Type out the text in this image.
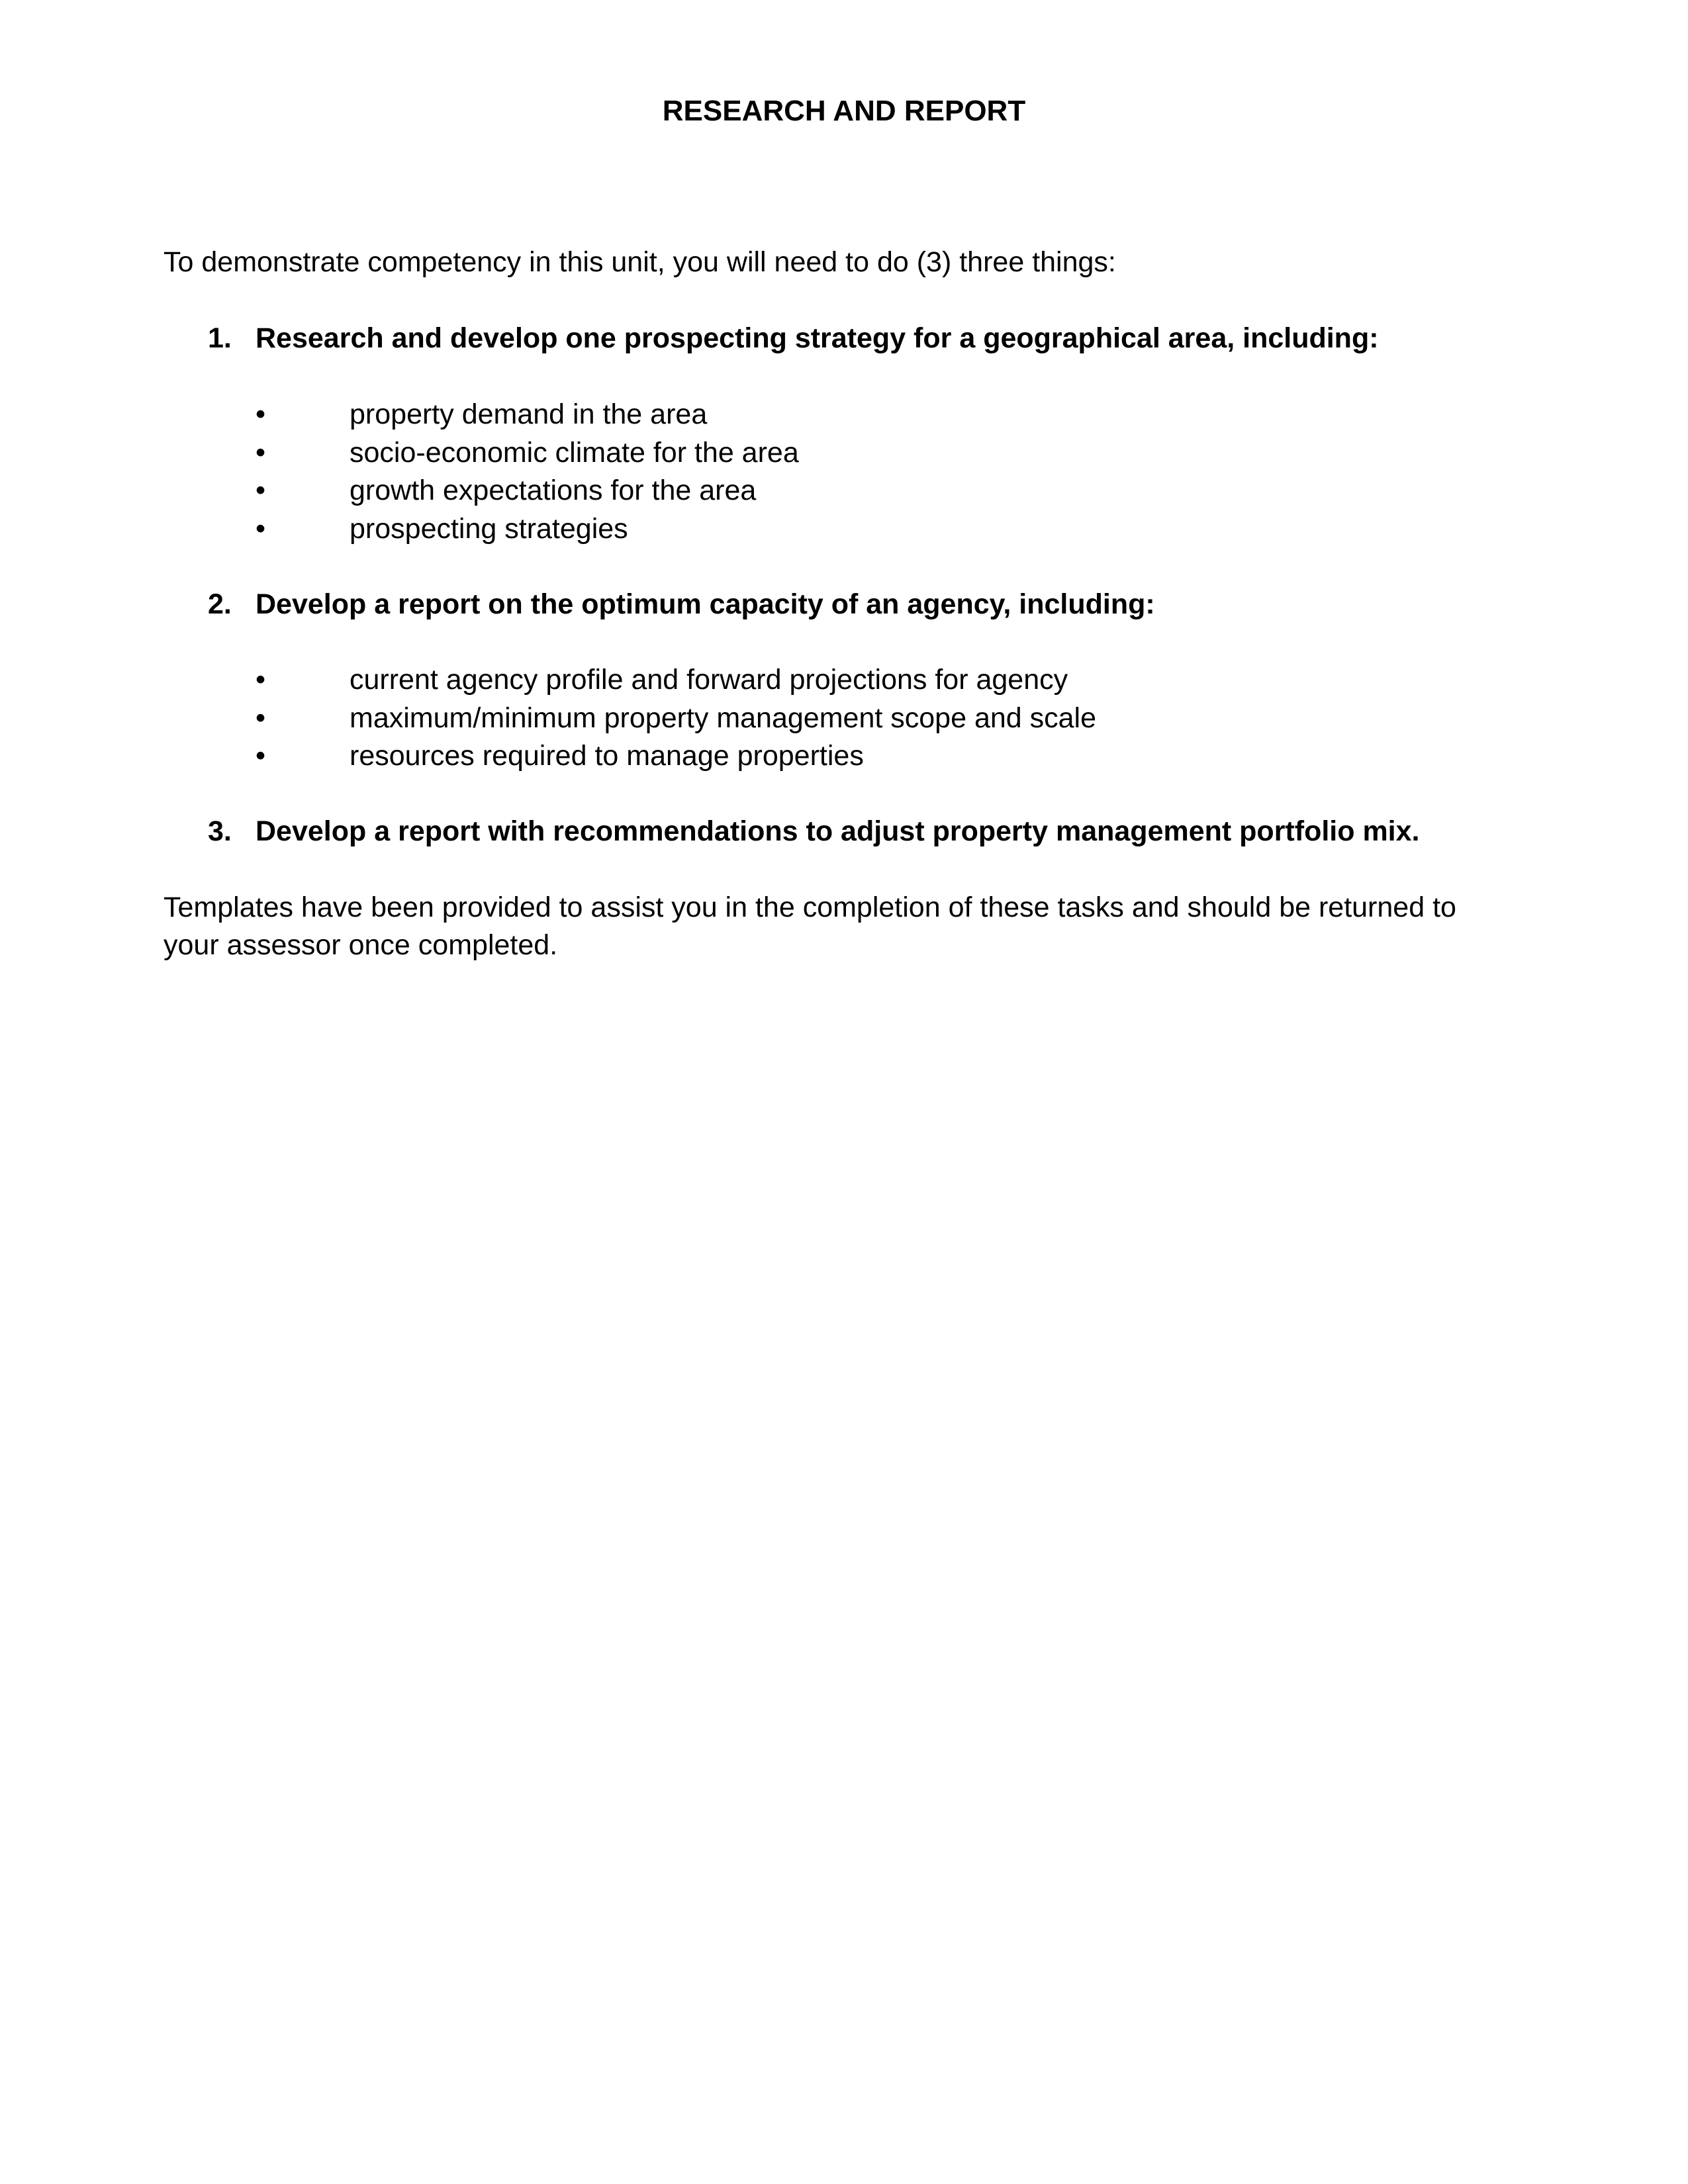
RESEARCH AND REPORT
To demonstrate competency in this unit, you will need to do (3) three things:
1. Research and develop one prospecting strategy for a geographical area, including:
•	property demand in the area
•	socio-economic climate for the area
•	growth expectations for the area
•	prospecting strategies
2. Develop a report on the optimum capacity of an agency, including:
•	current agency profile and forward projections for agency
•	maximum/minimum property management scope and scale
•	resources required to manage properties
3. Develop a report with recommendations to adjust property management portfolio mix.
Templates have been provided to assist you in the completion of these tasks and should be returned to
your assessor once completed.
